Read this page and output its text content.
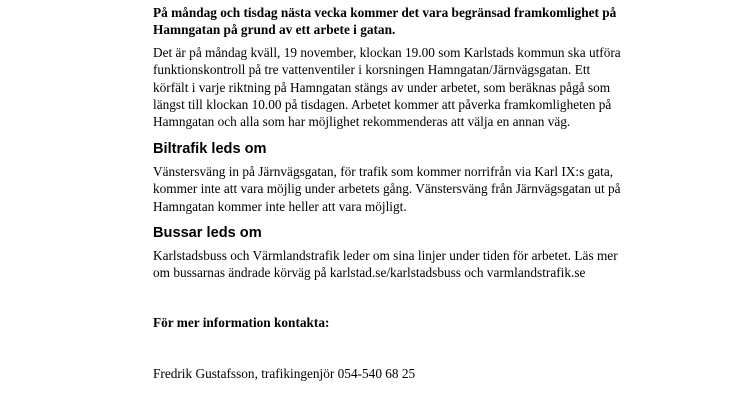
På måndag och tisdag nästa vecka kommer det vara begränsad framkomlighet på Hamngatan på grund av ett arbete i gatan.

Det är på måndag kväll, 19 november, klockan 19.00 som Karlstads kommun ska utföra funktionskontroll på tre vattenventiler i korsningen Hamngatan/Järnvägsgatan. Ett körfält i varje riktning på Hamngatan stängs av under arbetet, som beräknas pågå som längst till klockan 10.00 på tisdagen. Arbetet kommer att påverka framkomligheten på Hamngatan och alla som har möjlighet rekommenderas att välja en annan väg.

Biltrafik leds om

Vänstersväng in på Järnvägsgatan, för trafik som kommer norrifrån via Karl IX:s gata, kommer inte att vara möjlig under arbetets gång. Vänstersväng från Järnvägsgatan ut på Hamngatan kommer inte heller att vara möjligt.

Bussar leds om

Karlstadsbuss och Värmlandstrafik leder om sina linjer under tiden för arbetet. Läs mer om bussarnas ändrade körväg på karlstad.se/karlstadsbuss och varmlandstrafik.se

För mer information kontakta:

Fredrik Gustafsson, trafikingenjör 054-540 68 25
